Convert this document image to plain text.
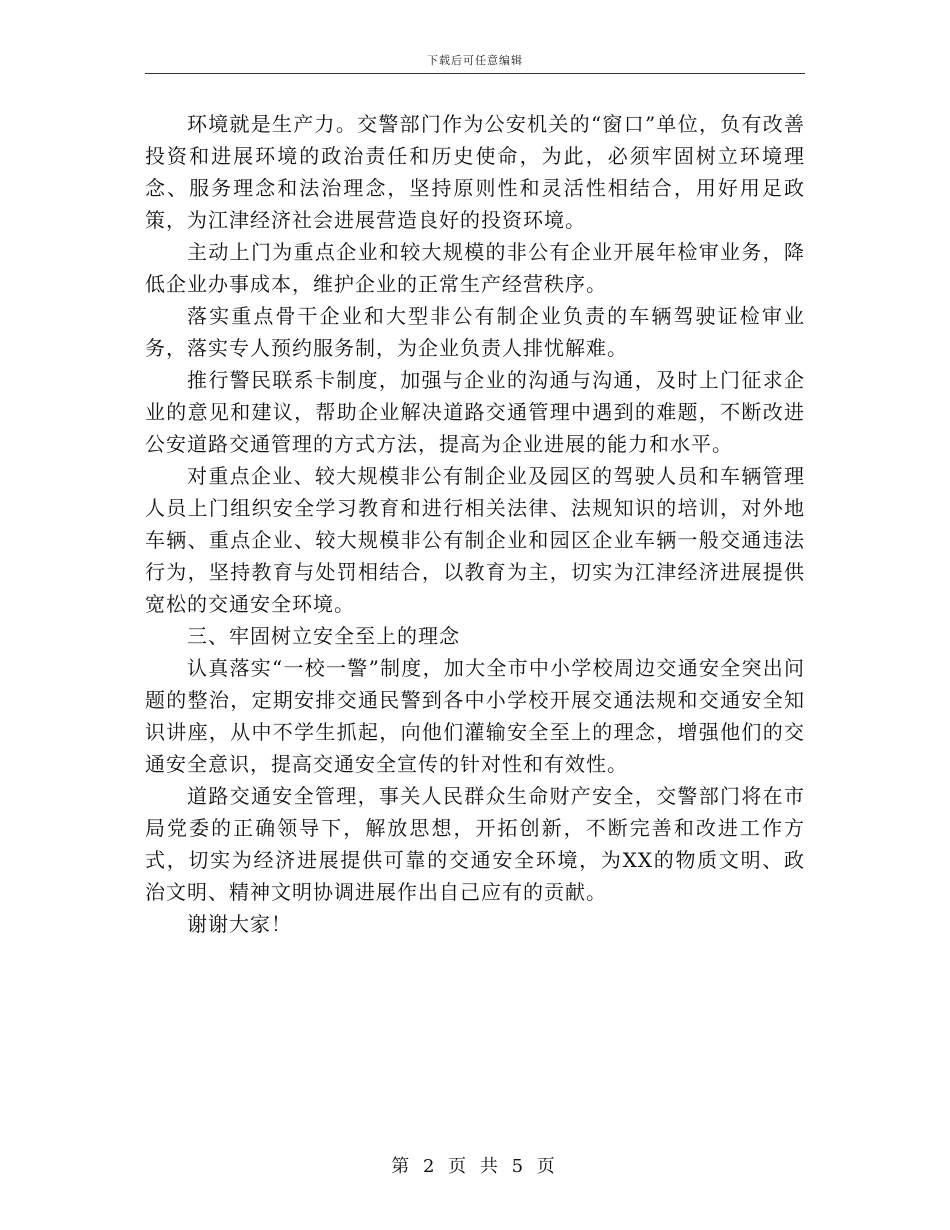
下载后可任意编辑

环境就是生产力。交警部门作为公安机关的“窗口”单位，负有改善投资和进展环境的政治责任和历史使命，为此，必须牢固树立环境理念、服务理念和法治理念，坚持原则性和灵活性相结合，用好用足政策，为江津经济社会进展营造良好的投资环境。

主动上门为重点企业和较大规模的非公有企业开展年检审业务，降低企业办事成本，维护企业的正常生产经营秩序。

落实重点骨干企业和大型非公有制企业负责的车辆驾驶证检审业务，落实专人预约服务制，为企业负责人排忧解难。

推行警民联系卡制度，加强与企业的沟通与沟通，及时上门征求企业的意见和建议，帮助企业解决道路交通管理中遇到的难题，不断改进公安道路交通管理的方式方法，提高为企业进展的能力和水平。

对重点企业、较大规模非公有制企业及园区的驾驶人员和车辆管理人员上门组织安全学习教育和进行相关法律、法规知识的培训，对外地车辆、重点企业、较大规模非公有制企业和园区企业车辆一般交通违法行为，坚持教育与处罚相结合，以教育为主，切实为江津经济进展提供宽松的交通安全环境。

三、牢固树立安全至上的理念

认真落实“一校一警”制度，加大全市中小学校周边交通安全突出问题的整治，定期安排交通民警到各中小学校开展交通法规和交通安全知识讲座，从中不学生抓起，向他们灌输安全至上的理念，增强他们的交通安全意识，提高交通安全宣传的针对性和有效性。

道路交通安全管理，事关人民群众生命财产安全，交警部门将在市局党委的正确领导下，解放思想，开拓创新，不断完善和改进工作方式，切实为经济进展提供可靠的交通安全环境，为XX的物质文明、政治文明、精神文明协调进展作出自己应有的贡献。

谢谢大家！

第 2 页 共 5 页
